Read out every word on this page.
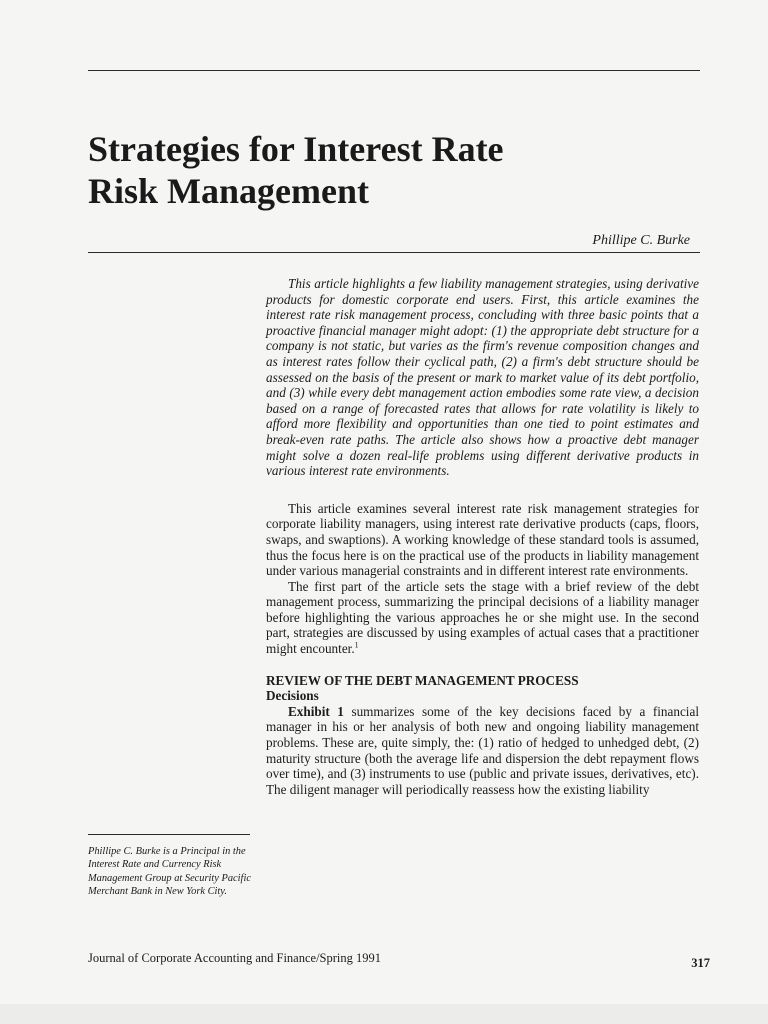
Strategies for Interest Rate
Risk Management
Phillipe C. Burke

This article highlights a few liability management strategies, using derivative products for domestic corporate end users. First, this article examines the interest rate risk management process, concluding with three basic points that a proactive financial manager might adopt: (1) the appropriate debt structure for a company is not static, but varies as the firm's revenue composition changes and as interest rates follow their cyclical path, (2) a firm's debt structure should be assessed on the basis of the present or mark to market value of its debt portfolio, and (3) while every debt management action embodies some rate view, a decision based on a range of forecasted rates that allows for rate volatility is likely to afford more flexibility and opportunities than one tied to point estimates and break-even rate paths. The article also shows how a proactive debt manager might solve a dozen real-life problems using different derivative products in various interest rate environments.

This article examines several interest rate risk management strategies for corporate liability managers, using interest rate derivative products (caps, floors, swaps, and swaptions). A working knowledge of these standard tools is assumed, thus the focus here is on the practical use of the products in liability management under various managerial constraints and in different interest rate environments.

The first part of the article sets the stage with a brief review of the debt management process, summarizing the principal decisions of a liability manager before highlighting the various approaches he or she might use. In the second part, strategies are discussed by using examples of actual cases that a practitioner might encounter.$^1$

REVIEW OF THE DEBT MANAGEMENT PROCESS

Decisions

Exhibit 1 summarizes some of the key decisions faced by a financial manager in his or her analysis of both new and ongoing liability management problems. These are, quite simply, the: (1) ratio of hedged to unhedged debt, (2) maturity structure (both the average life and dispersion the debt repayment flows over time), and (3) instruments to use (public and private issues, derivatives, etc). The diligent manager will periodically reassess how the existing liability

Phillipe C. Burke is a Principal in the Interest Rate and Currency Risk Management Group at Security Pacific Merchant Bank in New York City.

Journal of Corporate Accounting and Finance/Spring 1991	317
